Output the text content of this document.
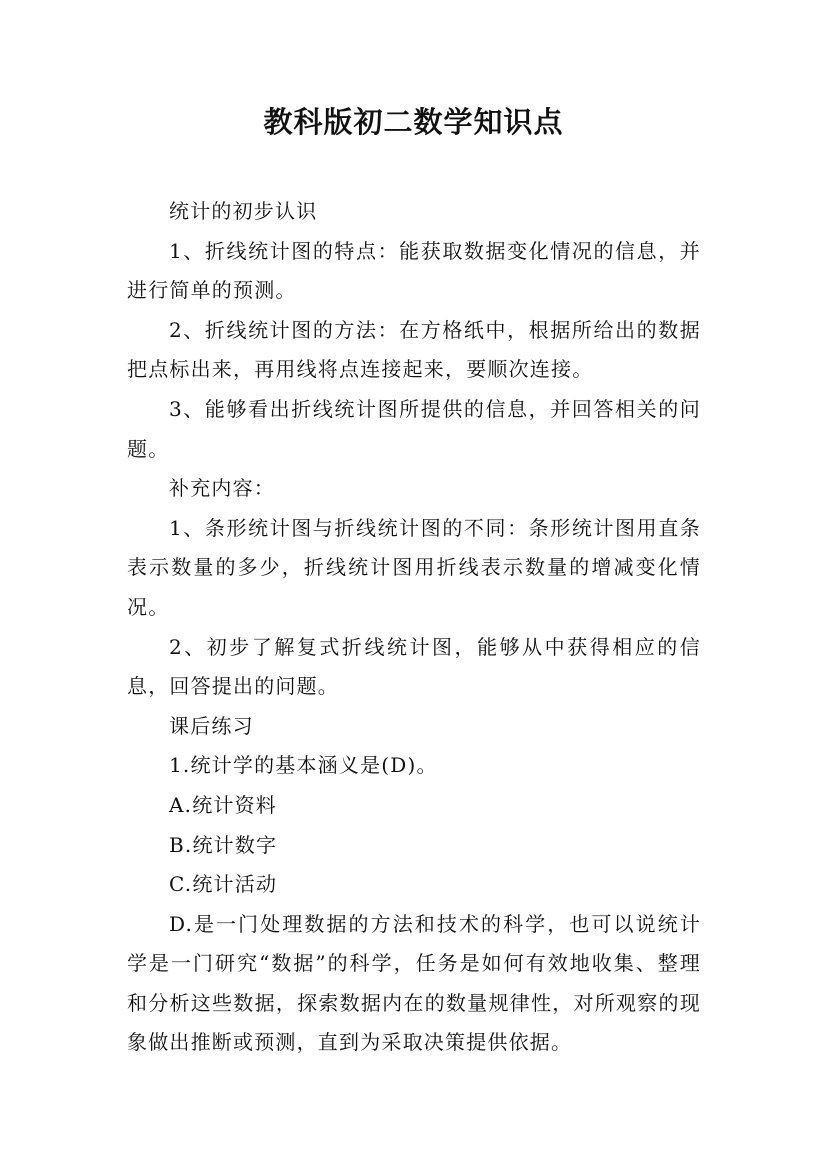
教科版初二数学知识点

统计的初步认识

1、折线统计图的特点：能获取数据变化情况的信息，并进行简单的预测。

2、折线统计图的方法：在方格纸中，根据所给出的数据把点标出来，再用线将点连接起来，要顺次连接。

3、能够看出折线统计图所提供的信息，并回答相关的问题。

补充内容：

1、条形统计图与折线统计图的不同：条形统计图用直条表示数量的多少，折线统计图用折线表示数量的增减变化情况。

2、初步了解复式折线统计图，能够从中获得相应的信息，回答提出的问题。

课后练习

1.统计学的基本涵义是(D)。

A.统计资料

B.统计数字

C.统计活动

D.是一门处理数据的方法和技术的科学，也可以说统计学是一门研究“数据”的科学，任务是如何有效地收集、整理和分析这些数据，探索数据内在的数量规律性，对所观察的现象做出推断或预测，直到为采取决策提供依据。
